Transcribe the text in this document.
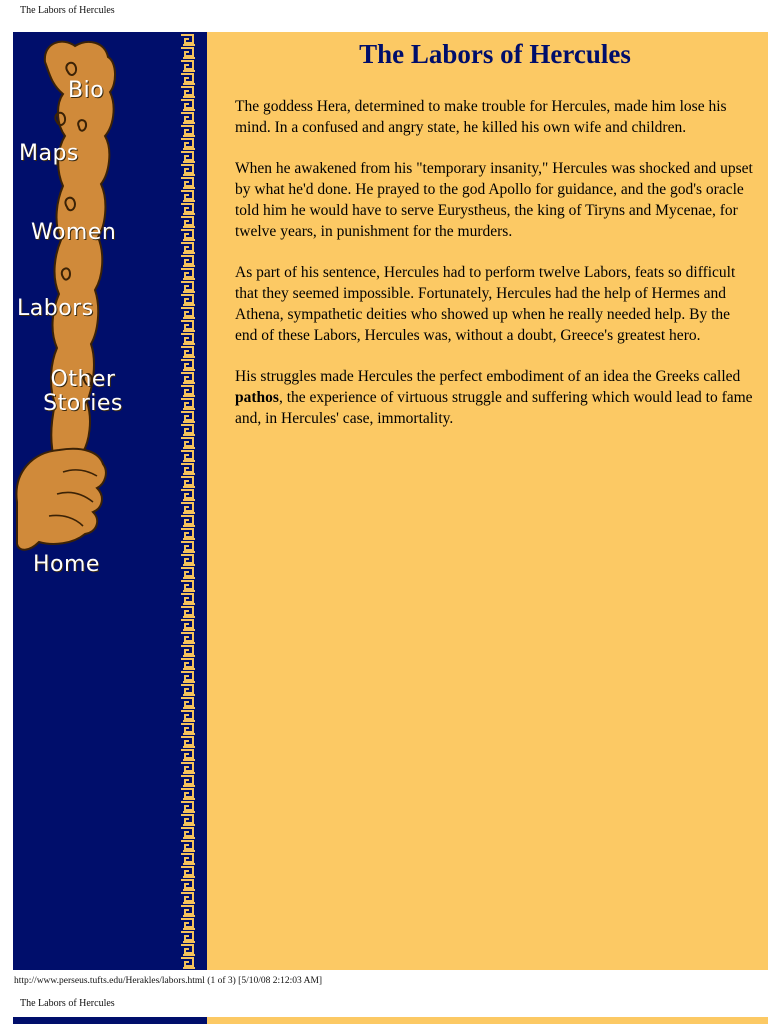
The Labors of Hercules
Bio
Maps
Women
Labors
Other
Stories
Home
The Labors of Hercules

The goddess Hera, determined to make trouble for Hercules, made him lose his mind. In a confused and angry state, he killed his own wife and children.

When he awakened from his "temporary insanity," Hercules was shocked and upset by what he'd done. He prayed to the god Apollo for guidance, and the god's oracle told him he would have to serve Eurystheus, the king of Tiryns and Mycenae, for twelve years, in punishment for the murders.

As part of his sentence, Hercules had to perform twelve Labors, feats so difficult that they seemed impossible. Fortunately, Hercules had the help of Hermes and Athena, sympathetic deities who showed up when he really needed help. By the end of these Labors, Hercules was, without a doubt, Greece's greatest hero.

His struggles made Hercules the perfect embodiment of an idea the Greeks called pathos, the experience of virtuous struggle and suffering which would lead to fame and, in Hercules' case, immortality.

http://www.perseus.tufts.edu/Herakles/labors.html (1 of 3) [5/10/08 2:12:03 AM]
The Labors of Hercules
